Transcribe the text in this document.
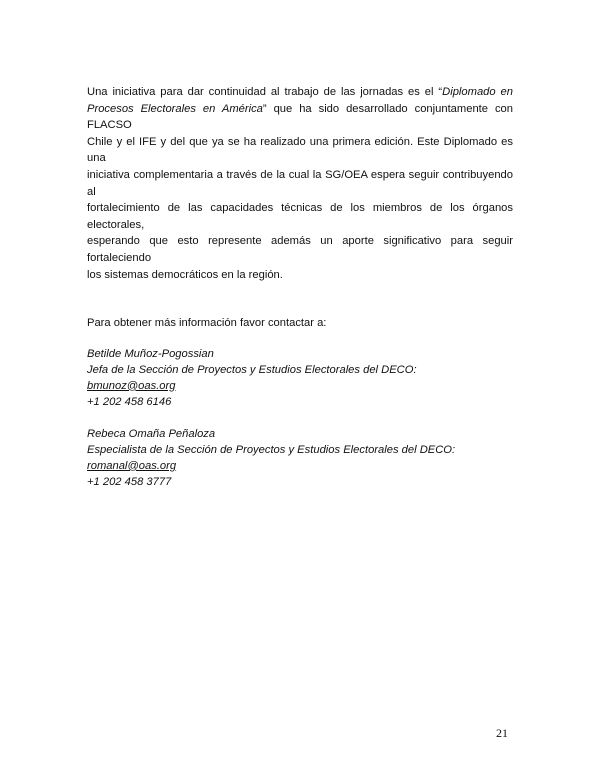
Una iniciativa para dar continuidad al trabajo de las jornadas es el “Diplomado en
Procesos Electorales en América” que ha sido desarrollado conjuntamente con FLACSO
Chile y el IFE y del que ya se ha realizado una primera edición. Este Diplomado es una
iniciativa complementaria a través de la cual la SG/OEA espera seguir contribuyendo al
fortalecimiento de las capacidades técnicas de los miembros de los órganos electorales,
esperando que esto represente además un aporte significativo para seguir fortaleciendo
los sistemas democráticos en la región.

Para obtener más información favor contactar a:

Betilde Muñoz-Pogossian
Jefa de la Sección de Proyectos y Estudios Electorales del DECO:
bmunoz@oas.org
+1 202 458 6146
Rebeca Omaña Peñaloza
Especialista de la Sección de Proyectos y Estudios Electorales del DECO:
romanal@oas.org
+1 202 458 3777
21
